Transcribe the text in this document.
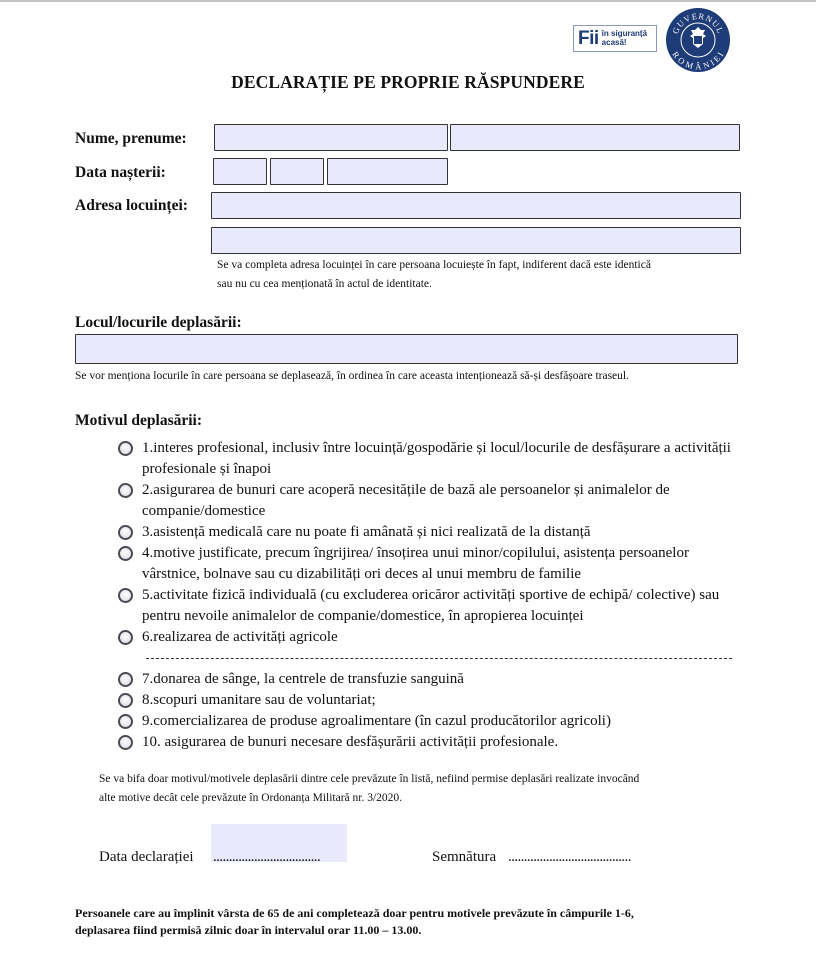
Fii în siguranță
acasă!
GUVERNUL
ROMÂNIEI
DECLARAȚIE PE PROPRIE RĂSPUNDERE
Nume, prenume:
Data nașterii:
Adresa locuinței:
Se va completa adresa locuinței în care persoana locuiește în fapt, indiferent dacă este identică
sau nu cu cea menționată în actul de identitate.
Locul/locurile deplasării:
Se vor menționa locurile în care persoana se deplasează, în ordinea în care aceasta intenționează să-și desfășoare traseul.
Motivul deplasării:
1.interes profesional, inclusiv între locuință/gospodărie și locul/locurile de desfășurare a activității profesionale și înapoi
2.asigurarea de bunuri care acoperă necesitățile de bază ale persoanelor și animalelor de companie/domestice
3.asistență medicală care nu poate fi amânată și nici realizată de la distanță
4.motive justificate, precum îngrijirea/ însoțirea unui minor/copilului, asistența persoanelor vârstnice, bolnave sau cu dizabilități ori deces al unui membru de familie
5.activitate fizică individuală (cu excluderea oricăror activități sportive de echipă/ colective) sau pentru nevoile animalelor de companie/domestice, în apropierea locuinței
6.realizarea de activități agricole
7.donarea de sânge, la centrele de transfuzie sanguină
8.scopuri umanitare sau de voluntariat;
9.comercializarea de produse agroalimentare (în cazul producătorilor agricoli)
10. asigurarea de bunuri necesare desfășurării activității profesionale.
Se va bifa doar motivul/motivele deplasării dintre cele prevăzute în listă, nefiind permise deplasări realizate invocând
alte motive decât cele prevăzute în Ordonanța Militară nr. 3/2020.
Data declarației ..................................	Semnătura .......................................
Persoanele care au împlinit vârsta de 65 de ani completează doar pentru motivele prevăzute în câmpurile 1-6,
deplasarea fiind permisă zilnic doar în intervalul orar 11.00 – 13.00.
